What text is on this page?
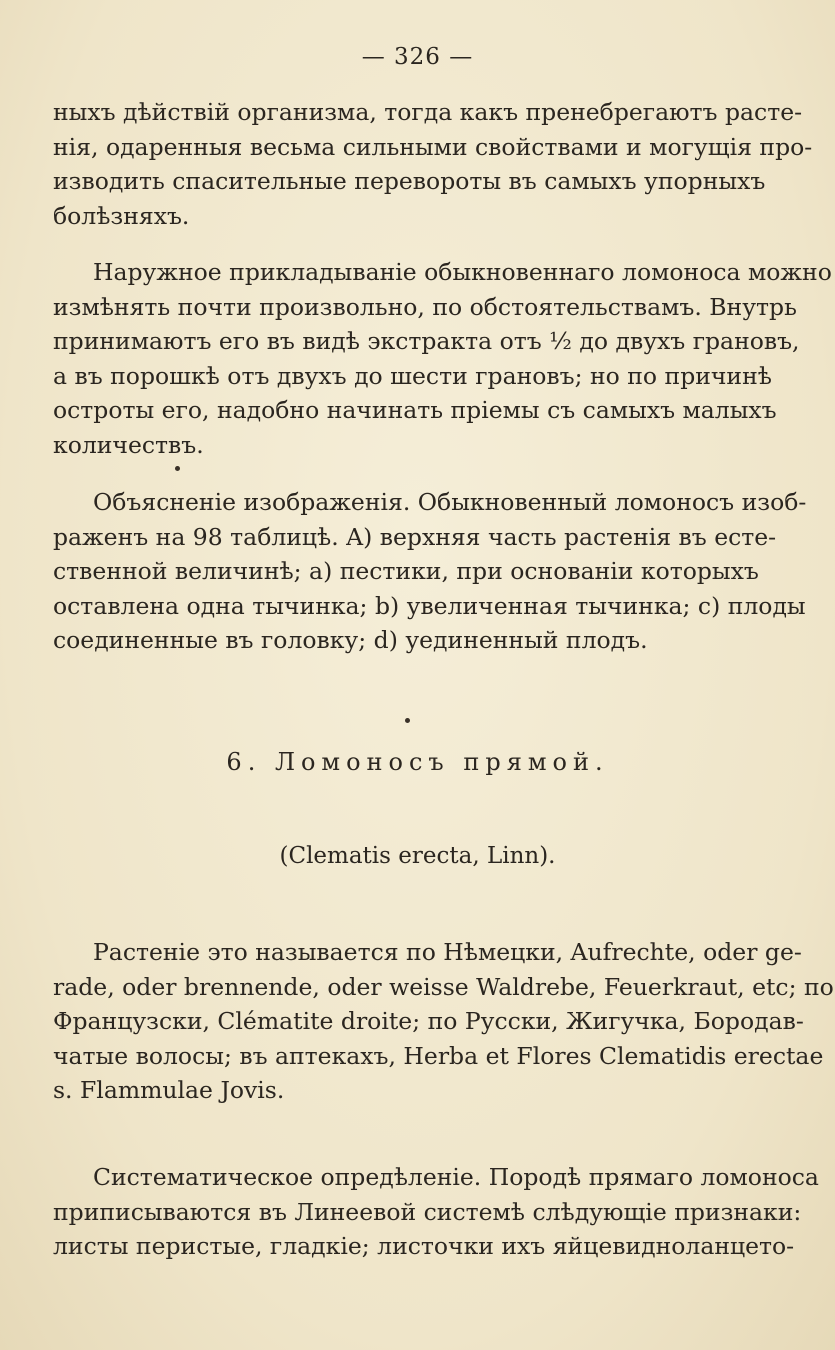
— 326 —
ныхъ дѣйствій организма, тогда какъ пренебрегаютъ расте-
нія, одаренныя весьма сильными свойствами и могущія про-
изводить спасительные перевороты въ самыхъ упорныхъ
болѣзняхъ.
Наружное прикладываніе обыкновеннаго ломоноса можно
измѣнять почти произвольно, по обстоятельствамъ. Внутрь
принимаютъ его въ видѣ экстракта отъ ½ до двухъ грановъ,
а въ порошкѣ отъ двухъ до шести грановъ; но по причинѣ
остроты его, надобно начинать пріемы съ самыхъ малыхъ
количествъ.
Объясненіе изображенія. Обыкновенный ломоносъ изоб-
раженъ на 98 таблицѣ. A) верхняя часть растенія въ есте-
ственной величинѣ; a) пестики, при основаніи которыхъ
оставлена одна тычинка; b) увеличенная тычинка; c) плоды
соединенные въ головку; d) уединенный плодъ.
6. Ломоносъ прямой.
(Clematis erecta, Linn).
Растеніе это называется по Нѣмецки, Aufrechte, oder ge-
rade, oder brennende, oder weisse Waldrebe, Feuerkraut, etc; по
Французски, Clématite droite; по Русски, Жигучка, Бородав-
чатые волосы; въ аптекахъ, Herba et Flores Clematidis erectae
s. Flammulae Jovis.
Систематическое опредѣленіе. Породѣ прямаго ломоноса
приписываются въ Линеевой системѣ слѣдующіе признаки:
листы перистые, гладкіе; листочки ихъ яйцевидноланцето-
